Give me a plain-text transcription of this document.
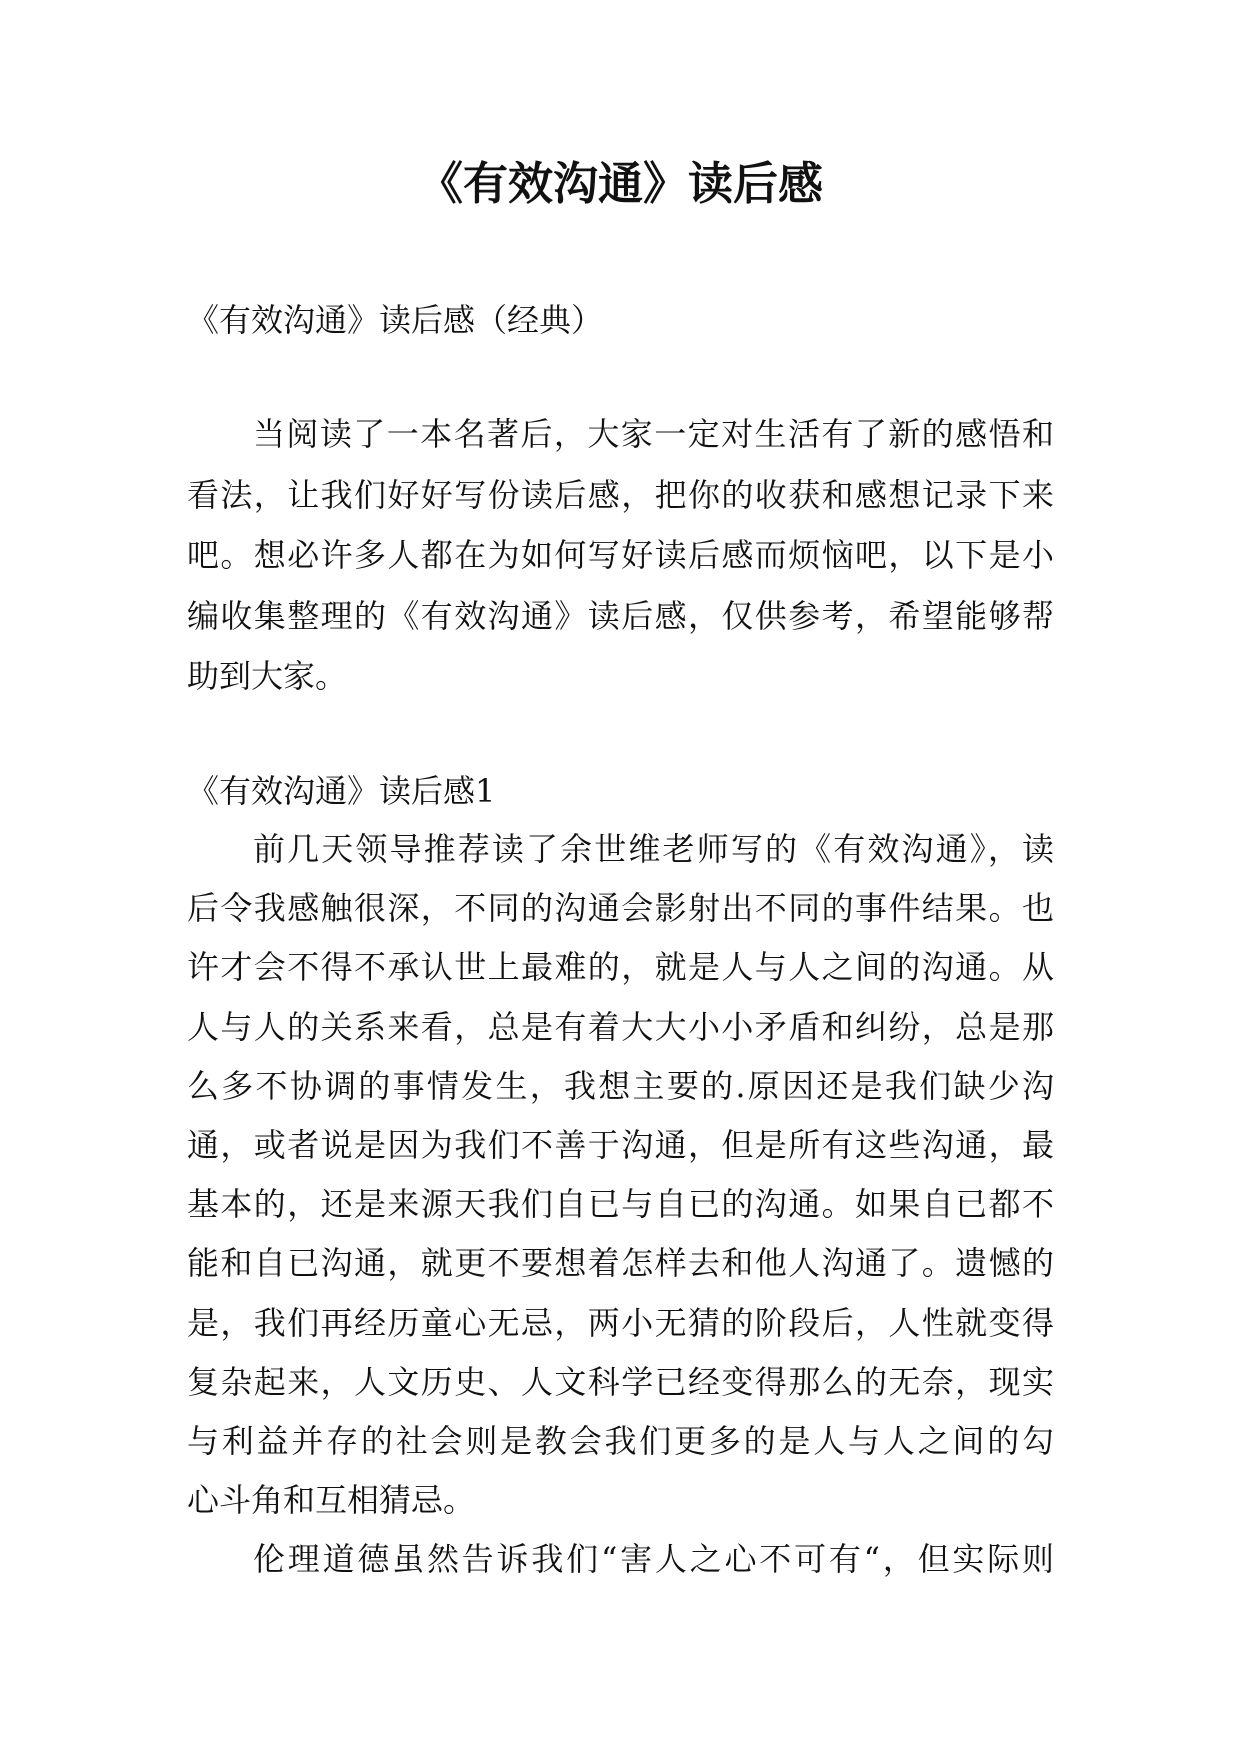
《有效沟通》读后感
《有效沟通》读后感（经典）
当阅读了一本名著后，大家一定对生活有了新的感悟和
看法，让我们好好写份读后感，把你的收获和感想记录下来
吧。想必许多人都在为如何写好读后感而烦恼吧，以下是小
编收集整理的《有效沟通》读后感，仅供参考，希望能够帮
助到大家。
《有效沟通》读后感1
前几天领导推荐读了余世维老师写的《有效沟通》，读
后令我感触很深，不同的沟通会影射出不同的事件结果。也
许才会不得不承认世上最难的，就是人与人之间的沟通。从
人与人的关系来看，总是有着大大小小矛盾和纠纷，总是那
么多不协调的事情发生，我想主要的.原因还是我们缺少沟
通，或者说是因为我们不善于沟通，但是所有这些沟通，最
基本的，还是来源天我们自已与自已的沟通。如果自已都不
能和自已沟通，就更不要想着怎样去和他人沟通了。遗憾的
是，我们再经历童心无忌，两小无猜的阶段后，人性就变得
复杂起来，人文历史、人文科学已经变得那么的无奈，现实
与利益并存的社会则是教会我们更多的是人与人之间的勾
心斗角和互相猜忌。
伦理道德虽然告诉我们“害人之心不可有“，但实际则
